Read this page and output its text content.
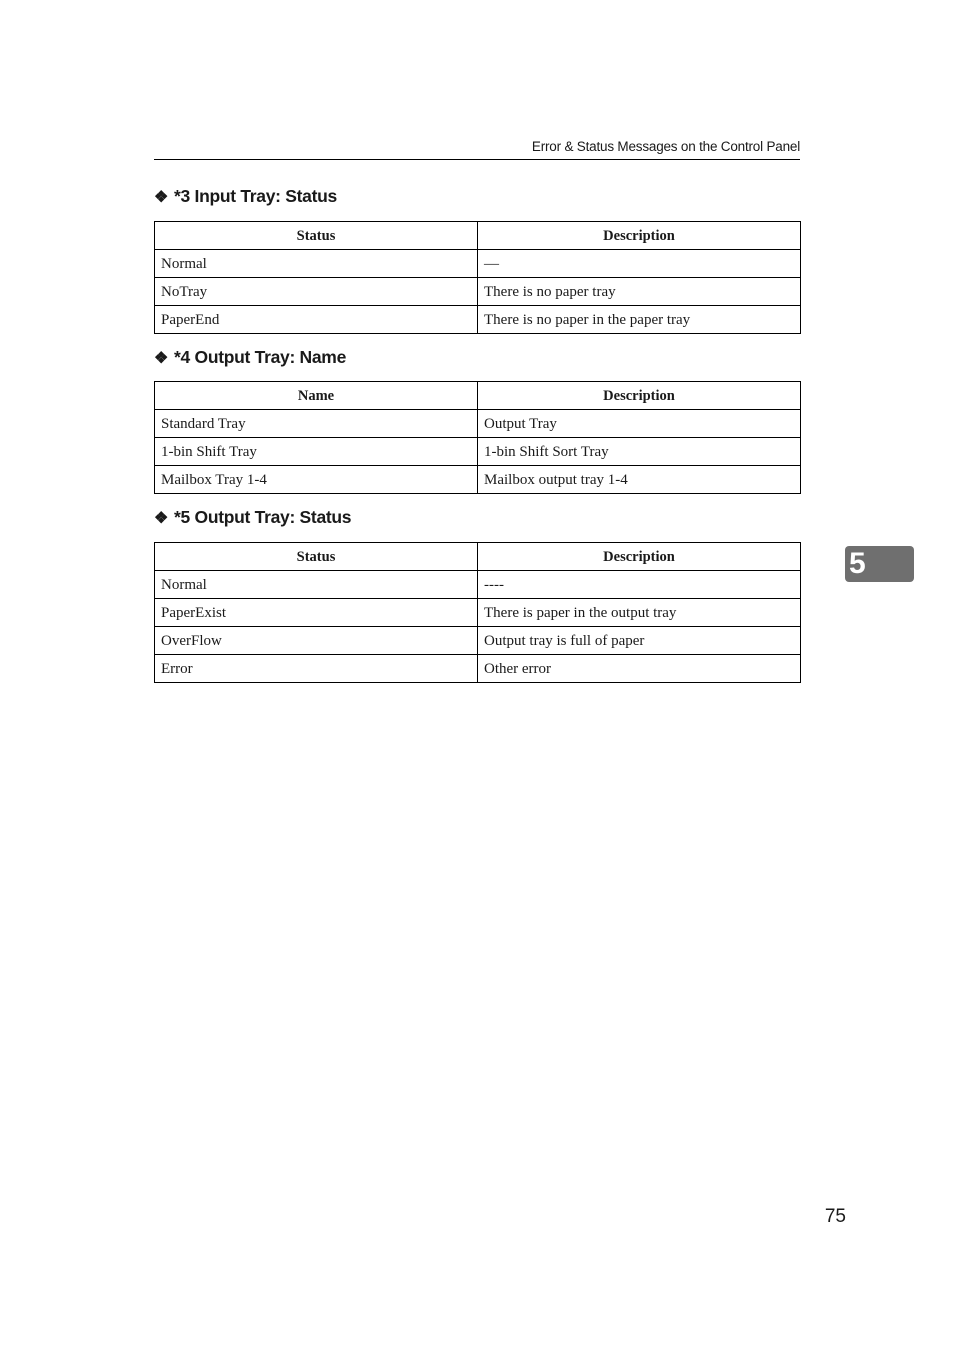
Error & Status Messages on the Control Panel
❖ *3 Input Tray: Status
Status	Description
Normal	—
NoTray	There is no paper tray
PaperEnd	There is no paper in the paper tray
❖ *4 Output Tray: Name
Name	Description
Standard Tray	Output Tray
1-bin Shift Tray	1-bin Shift Sort Tray
Mailbox Tray 1-4	Mailbox output tray 1-4
❖ *5 Output Tray: Status
Status	Description
Normal	----
PaperExist	There is paper in the output tray
OverFlow	Output tray is full of paper
Error	Other error
5
75
